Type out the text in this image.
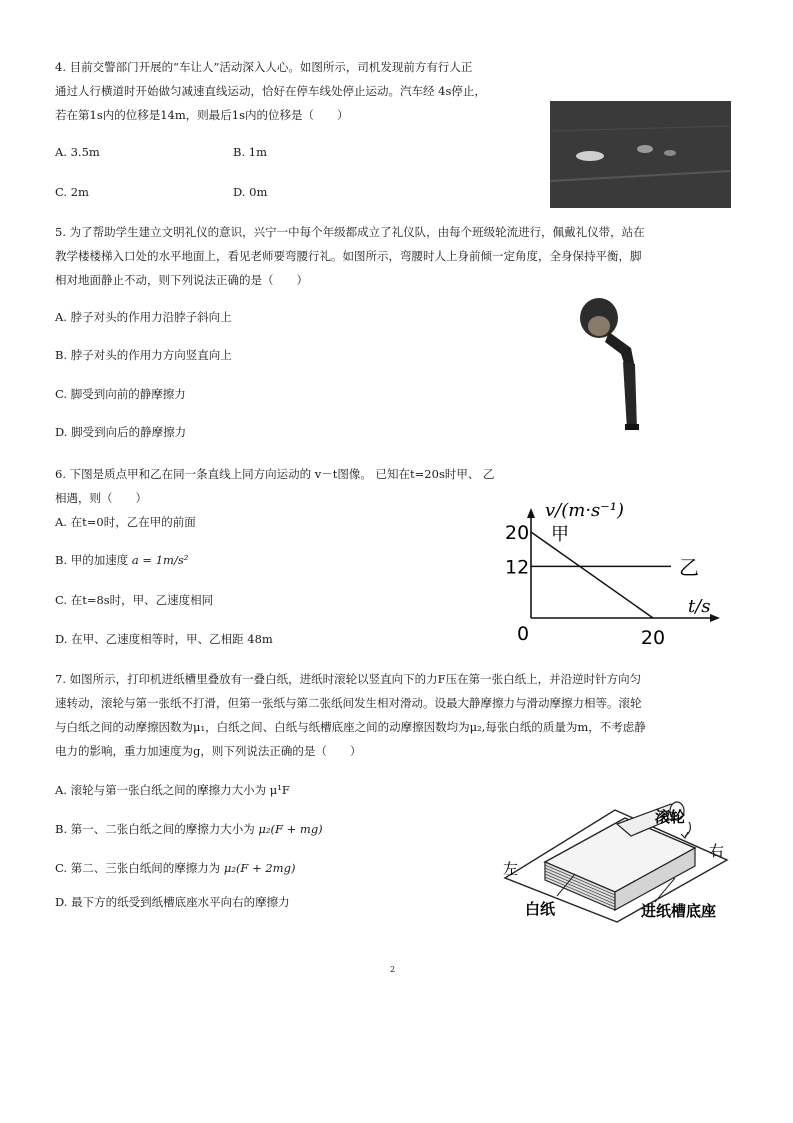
4. 目前交警部门开展的“车让人”活动深入人心。如图所示，司机发现前方有行人正
通过人行横道时开始做匀减速直线运动，恰好在停车线处停止运动。汽车经 4s停止，
若在第1s内的位移是14m，则最后1s内的位移是（　　）
A. 3.5m	B. 1m
C. 2m	D. 0m
5. 为了帮助学生建立文明礼仪的意识，兴宁一中每个年级都成立了礼仪队，由每个班级轮流进行，佩戴礼仪带，站在
教学楼楼梯入口处的水平地面上，看见老师要弯腰行礼。如图所示，弯腰时人上身前倾一定角度，全身保持平衡，脚
相对地面静止不动，则下列说法正确的是（　　）
A. 脖子对头的作用力沿脖子斜向上
B. 脖子对头的作用力方向竖直向上
C. 脚受到向前的静摩擦力
D. 脚受到向后的静摩擦力
6. 下图是质点甲和乙在同一条直线上同方向运动的 v－t图像。 已知在t=20s时甲、 乙
相遇，则（　　）
A. 在t=0时，乙在甲的前面
B. 甲的加速度 a = 1m/s²
C. 在t=8s时，甲、乙速度相同
D. 在甲、乙速度相等时，甲、乙相距 48m
v/(m·s⁻¹)
t/s
20
12
0	20
甲
乙
7. 如图所示，打印机进纸槽里叠放有一叠白纸，进纸时滚轮以竖直向下的力F压在第一张白纸上，并沿逆时针方向匀
速转动，滚轮与第一张纸不打滑，但第一张纸与第二张纸间发生相对滑动。设最大静摩擦力与滑动摩擦力相等。滚轮
与白纸之间的动摩擦因数为μ₁，白纸之间、白纸与纸槽底座之间的动摩擦因数均为μ₂,每张白纸的质量为m，不考虑静
电力的影响，重力加速度为g，则下列说法正确的是（　　）
A. 滚轮与第一张白纸之间的摩擦力大小为 μ¹F
B. 第一、二张白纸之间的摩擦力大小为 μ₂(F + mg)
C. 第二、三张白纸间的摩擦力为 μ₂(F + 2mg)
D. 最下方的纸受到纸槽底座水平向右的摩擦力
滚轮
左
右
白纸	进纸槽底座
2
